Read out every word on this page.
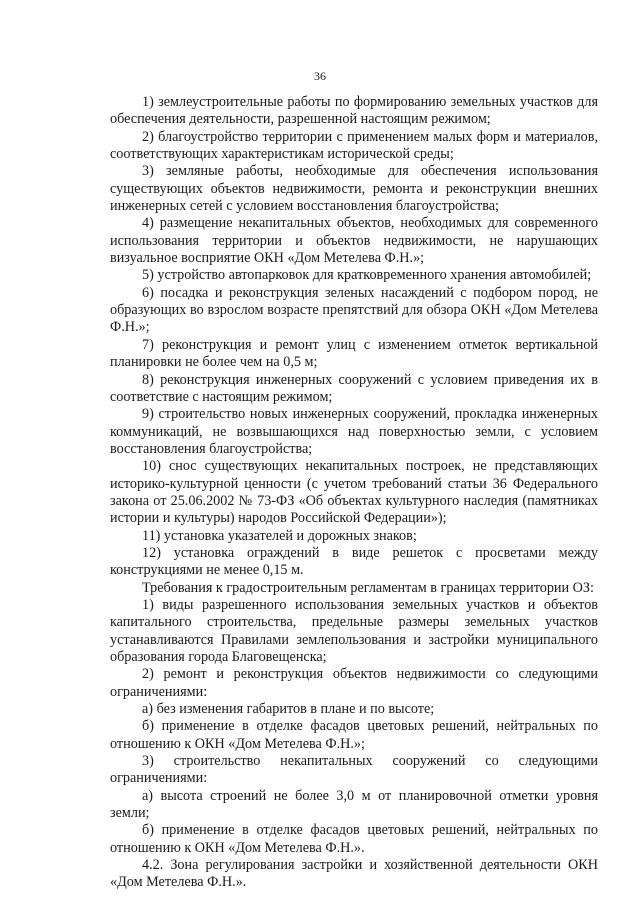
36

1) землеустроительные работы по формированию земельных участков для обеспечения деятельности, разрешенной настоящим режимом;

2) благоустройство территории с применением малых форм и материалов, соответствующих характеристикам исторической среды;

3) земляные работы, необходимые для обеспечения использования существующих объектов недвижимости, ремонта и реконструкции внешних инженерных сетей с условием восстановления благоустройства;

4) размещение некапитальных объектов, необходимых для современного использования территории и объектов недвижимости, не нарушающих визуальное восприятие ОКН «Дом Метелева Ф.Н.»;

5) устройство автопарковок для кратковременного хранения автомобилей;

6) посадка и реконструкция зеленых насаждений с подбором пород, не образующих во взрослом возрасте препятствий для обзора ОКН «Дом Метелева Ф.Н.»;

7) реконструкция и ремонт улиц с изменением отметок вертикальной планировки не более чем на 0,5 м;

8) реконструкция инженерных сооружений с условием приведения их в соответствие с настоящим режимом;

9) строительство новых инженерных сооружений, прокладка инженерных коммуникаций, не возвышающихся над поверхностью земли, с условием восстановления благоустройства;

10) снос существующих некапитальных построек, не представляющих историко-культурной ценности (с учетом требований статьи 36 Федерального закона от 25.06.2002 № 73-ФЗ «Об объектах культурного наследия (памятниках истории и культуры) народов Российской Федерации»);

11) установка указателей и дорожных знаков;

12) установка ограждений в виде решеток с просветами между конструкциями не менее 0,15 м.

Требования к градостроительным регламентам в границах территории ОЗ:

1) виды разрешенного использования земельных участков и объектов капитального строительства, предельные размеры земельных участков устанавливаются Правилами землепользования и застройки муниципального образования города Благовещенска;

2) ремонт и реконструкция объектов недвижимости со следующими ограничениями:

а) без изменения габаритов в плане и по высоте;

б) применение в отделке фасадов цветовых решений, нейтральных по отношению к ОКН «Дом Метелева Ф.Н.»;

3) строительство некапитальных сооружений со следующими ограничениями:

а) высота строений не более 3,0 м от планировочной отметки уровня земли;

б) применение в отделке фасадов цветовых решений, нейтральных по отношению к ОКН «Дом Метелева Ф.Н.».

4.2. Зона регулирования застройки и хозяйственной деятельности ОКН «Дом Метелева Ф.Н.».
